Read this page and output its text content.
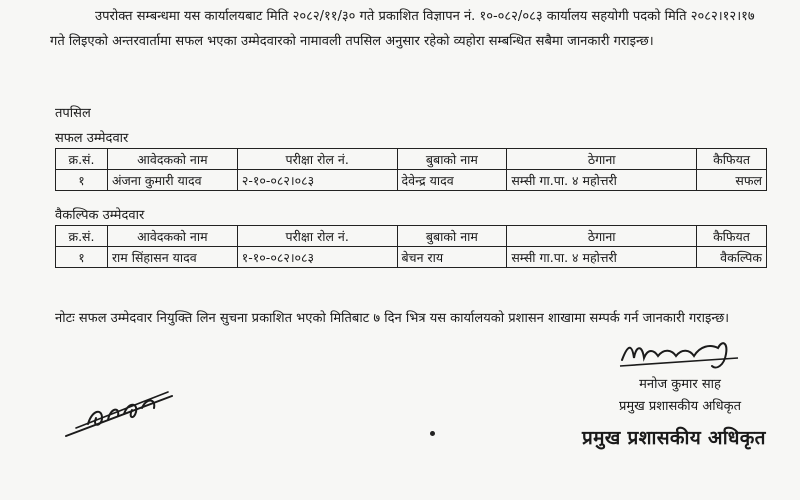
उपरोक्त सम्बन्धमा यस कार्यालयबाट मिति २०८२/११/३० गते प्रकाशित विज्ञापन नं. १०-०८२/०८३ कार्यालय सहयोगी पदको मिति २०८२।१२।१७ गते लिइएको अन्तरवार्तामा सफल भएका उम्मेदवारको नामावली तपसिल अनुसार रहेको व्यहोरा सम्बन्धित सबैमा जानकारी गराइन्छ।
तपसिल
सफल उम्मेदवार
क्र.सं.	आवेदकको नाम	परीक्षा रोल नं.	बुबाको नाम	ठेगाना	कैफियत
१	अंजना कुमारी यादव	२-१०-०८२।०८३	देवेन्द्र यादव	सम्सी गा.पा. ४ महोत्तरी	सफल
वैकल्पिक उम्मेदवार
क्र.सं.	आवेदकको नाम	परीक्षा रोल नं.	बुबाको नाम	ठेगाना	कैफियत
१	राम सिंहासन यादव	१-१०-०८२।०८३	बेचन राय	सम्सी गा.पा. ४ महोत्तरी	वैकल्पिक
नोटः सफल उम्मेदवार नियुक्ति लिन सुचना प्रकाशित भएको मितिबाट ७ दिन भित्र यस कार्यालयको प्रशासन शाखामा सम्पर्क गर्न जानकारी गराइन्छ।
मनोज कुमार साह
प्रमुख प्रशासकीय अधिकृत
प्रमुख प्रशासकीय अधिकृत
